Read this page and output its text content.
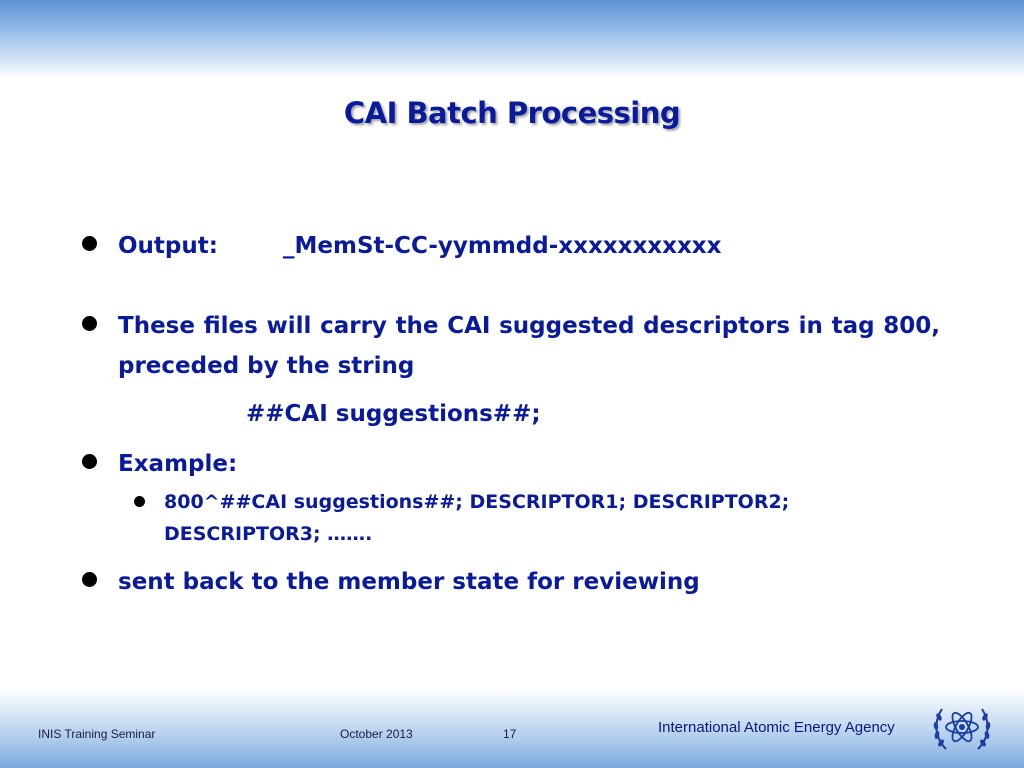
CAI Batch Processing
Output:	_MemSt-CC-yymmdd-xxxxxxxxxxx
These files will carry the CAI suggested descriptors in tag 800, preceded by the string
##CAI suggestions##;
Example:
800^##CAI suggestions##; DESCRIPTOR1; DESCRIPTOR2; DESCRIPTOR3; …….
sent back to the member state for reviewing
INIS Training Seminar	October 2013	17	International Atomic Energy Agency
